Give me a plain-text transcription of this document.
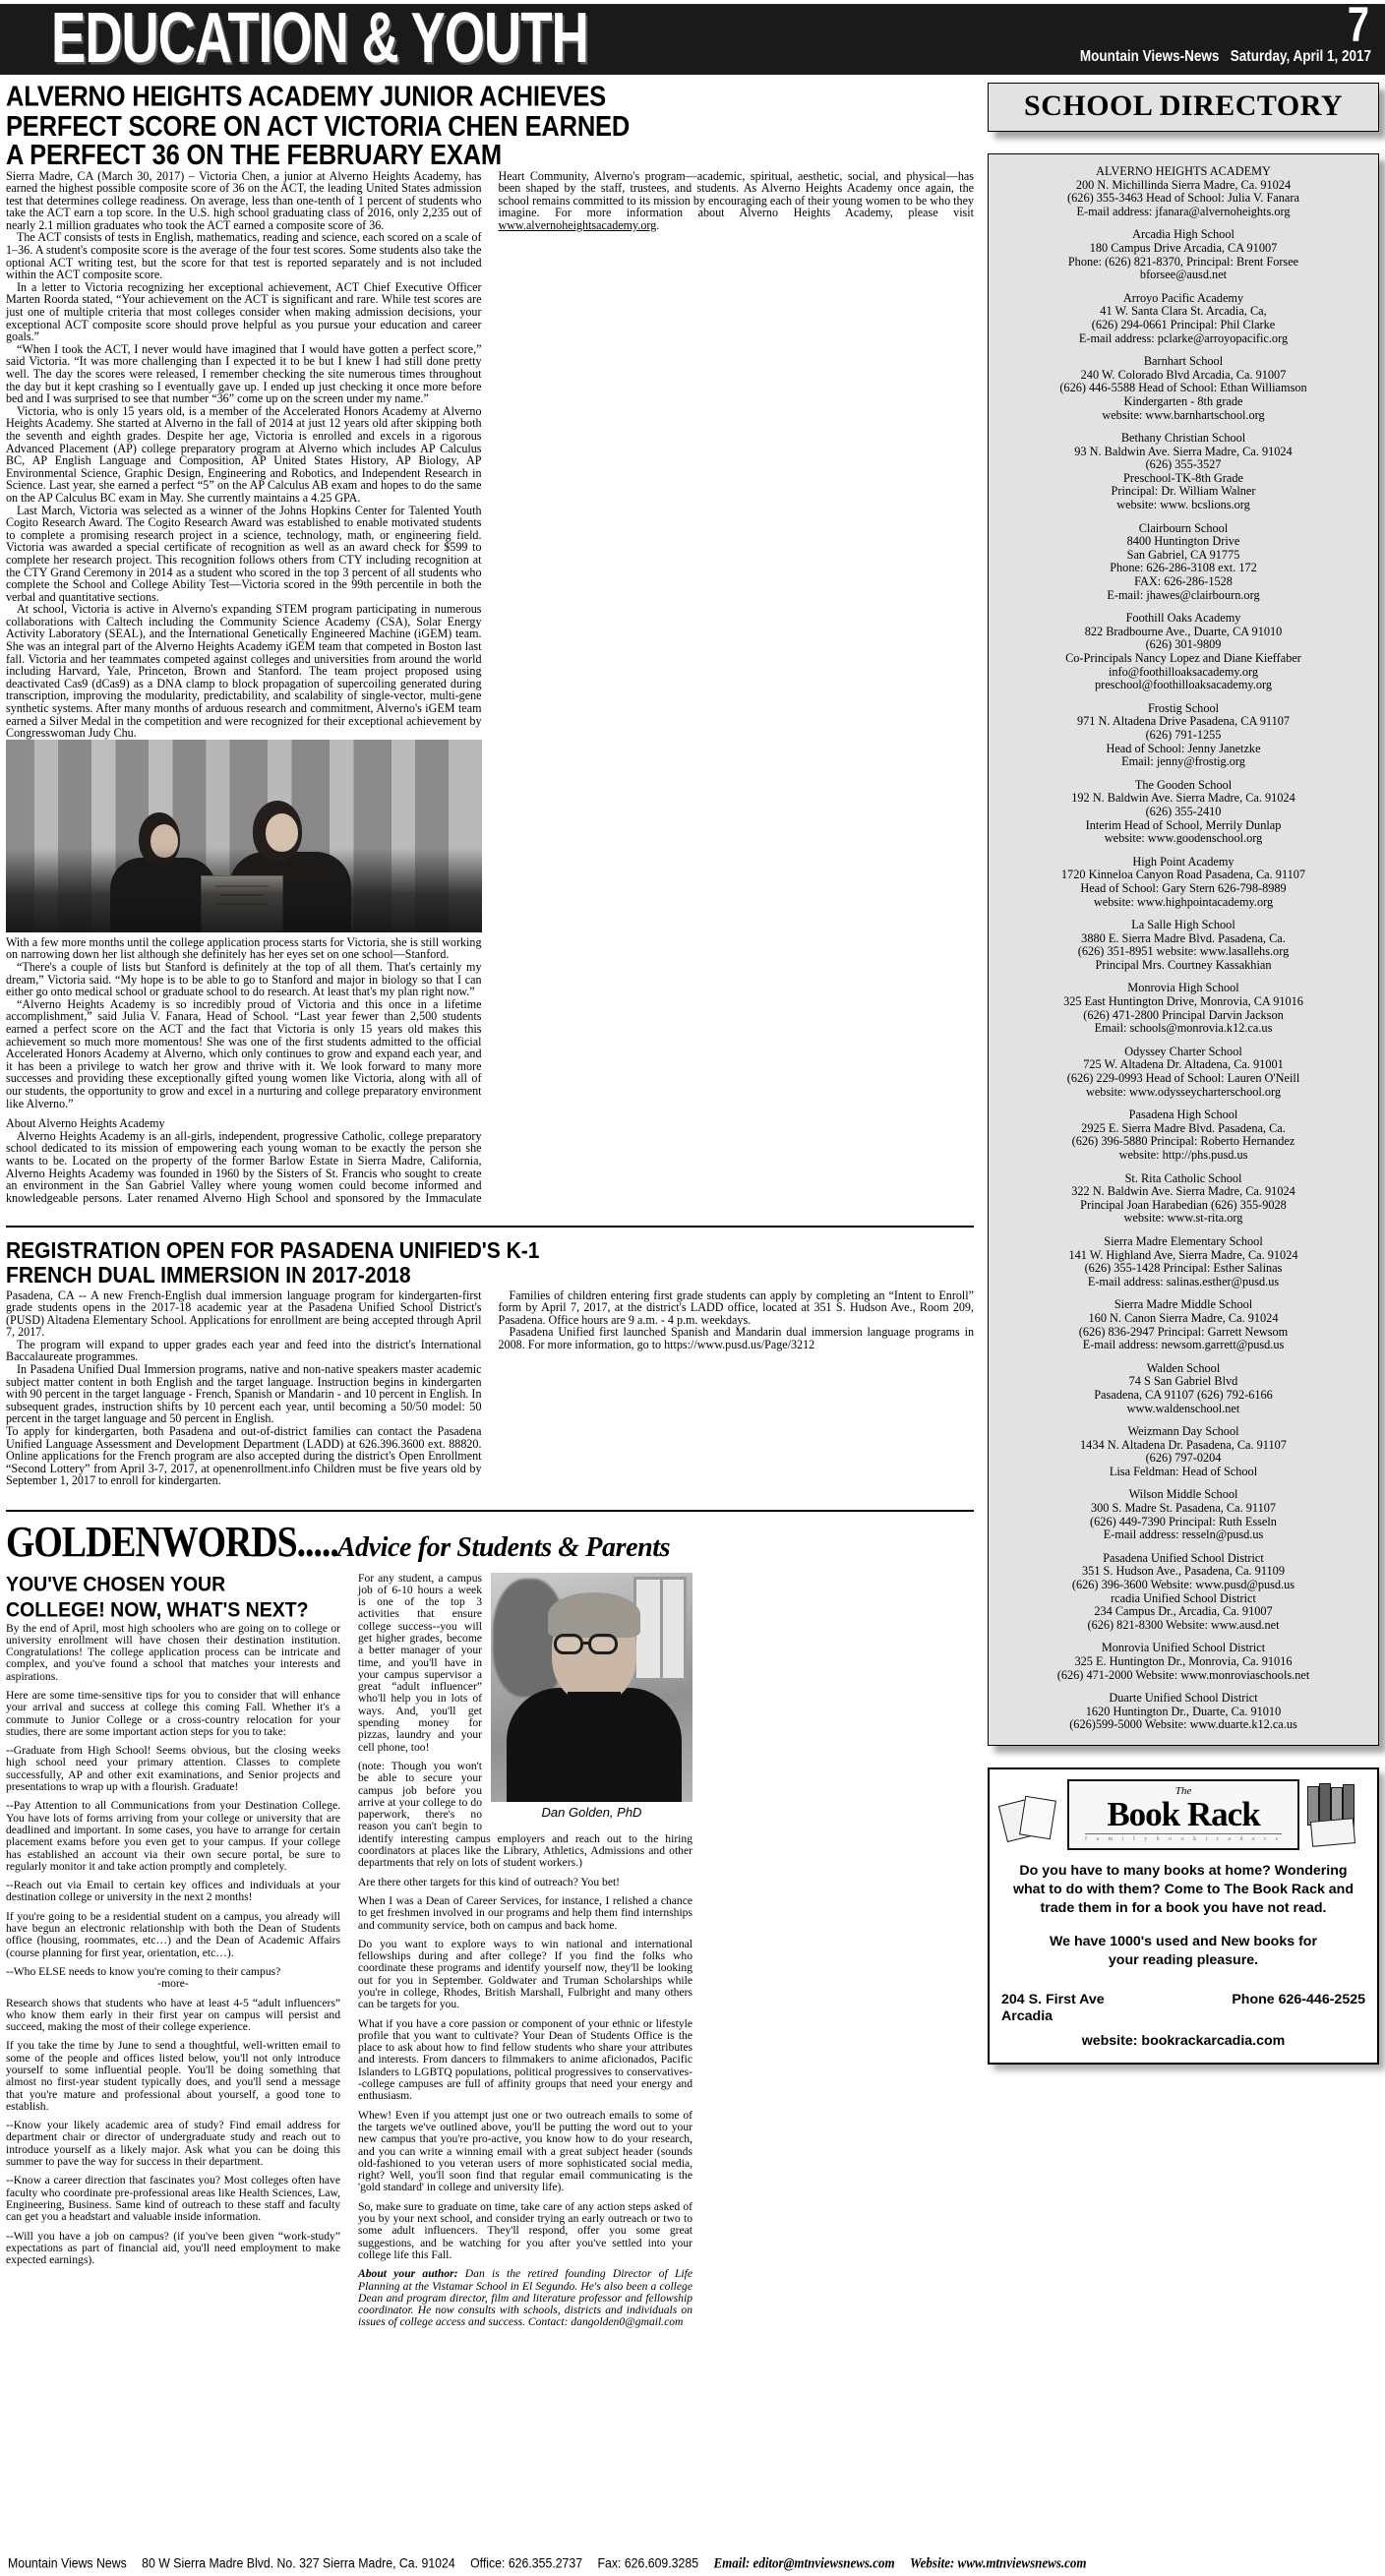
EDUCATION & YOUTH	7
Mountain Views-News Saturday, April 1, 2017
ALVERNO HEIGHTS ACADEMY JUNIOR ACHIEVES
PERFECT SCORE ON ACT VICTORIA CHEN EARNED
A PERFECT 36 ON THE FEBRUARY EXAM

Sierra Madre, CA (March 30, 2017) – Victoria Chen, a junior at Alverno Heights Academy, has earned the highest possible composite score of 36 on the ACT, the leading United States admission test that determines college readiness. On average, less than one-tenth of 1 percent of students who take the ACT earn a top score. In the U.S. high school graduating class of 2016, only 2,235 out of nearly 2.1 million graduates who took the ACT earned a composite score of 36.

The ACT consists of tests in English, mathematics, reading and science, each scored on a scale of 1–36. A student's composite score is the average of the four test scores. Some students also take the optional ACT writing test, but the score for that test is reported separately and is not included within the ACT composite score.

In a letter to Victoria recognizing her exceptional achievement, ACT Chief Executive Officer Marten Roorda stated, “Your achievement on the ACT is significant and rare. While test scores are just one of multiple criteria that most colleges consider when making admission decisions, your exceptional ACT composite score should prove helpful as you pursue your education and career goals.”

“When I took the ACT, I never would have imagined that I would have gotten a perfect score,” said Victoria. “It was more challenging than I expected it to be but I knew I had still done pretty well. The day the scores were released, I remember checking the site numerous times throughout the day but it kept crashing so I eventually gave up. I ended up just checking it once more before bed and I was surprised to see that number “36” come up on the screen under my name.”

Victoria, who is only 15 years old, is a member of the Accelerated Honors Academy at Alverno Heights Academy. She started at Alverno in the fall of 2014 at just 12 years old after skipping both the seventh and eighth grades. Despite her age, Victoria is enrolled and excels in a rigorous Advanced Placement (AP) college preparatory program at Alverno which includes AP Calculus BC, AP English Language and Composition, AP United States History, AP Biology, AP Environmental Science, Graphic Design, Engineering and Robotics, and Independent Research in Science. Last year, she earned a perfect “5” on the AP Calculus AB exam and hopes to do the same on the AP Calculus BC exam in May. She currently maintains a 4.25 GPA.

Last March, Victoria was selected as a winner of the Johns Hopkins Center for Talented Youth Cogito Research Award. The Cogito Research Award was established to enable motivated students to complete a promising research project in a science, technology, math, or engineering field. Victoria was awarded a special certificate of recognition as well as an award check for $599 to complete her research project. This recognition follows others from CTY including recognition at the CTY Grand Ceremony in 2014 as a student who scored in the top 3 percent of all students who complete the School and College Ability Test—Victoria scored in the 99th percentile in both the verbal and quantitative sections.

At school, Victoria is active in Alverno's expanding STEM program participating in numerous collaborations with Caltech including the Community Science Academy (CSA), Solar Energy Activity Laboratory (SEAL), and the International Genetically Engineered Machine (iGEM) team. She was an integral part of the Alverno Heights Academy iGEM team that competed in Boston last fall. Victoria and her teammates competed against colleges and universities from around the world including Harvard, Yale, Princeton, Brown and Stanford. The team project proposed using deactivated Cas9 (dCas9) as a DNA clamp to block propagation of supercoiling generated during transcription, improving the modularity, predictability, and scalability of single-vector, multi-gene synthetic systems. After many months of arduous research and commitment, Alverno's iGEM team earned a Silver Medal in the competition and were recognized for their exceptional achievement by Congresswoman Judy Chu.

With a few more months until the college application process starts for Victoria, she is still working on narrowing down her list although she definitely has her eyes set on one school—Stanford.

“There's a couple of lists but Stanford is definitely at the top of all them. That's certainly my dream,” Victoria said. “My hope is to be able to go to Stanford and major in biology so that I can either go onto medical school or graduate school to do research. At least that's my plan right now.”

“Alverno Heights Academy is so incredibly proud of Victoria and this once in a lifetime accomplishment,” said Julia V. Fanara, Head of School. “Last year fewer than 2,500 students earned a perfect score on the ACT and the fact that Victoria is only 15 years old makes this achievement so much more momentous! She was one of the first students admitted to the official Accelerated Honors Academy at Alverno, which only continues to grow and expand each year, and it has been a privilege to watch her grow and thrive with it. We look forward to many more successes and providing these exceptionally gifted young women like Victoria, along with all of our students, the opportunity to grow and excel in a nurturing and college preparatory environment like Alverno.”

About Alverno Heights Academy

Alverno Heights Academy is an all-girls, independent, progressive Catholic, college preparatory school dedicated to its mission of empowering each young woman to be exactly the person she wants to be. Located on the property of the former Barlow Estate in Sierra Madre, California, Alverno Heights Academy was founded in 1960 by the Sisters of St. Francis who sought to create an environment in the San Gabriel Valley where young women could become informed and knowledgeable persons. Later renamed Alverno High School and sponsored by the Immaculate Heart Community, Alverno's program—academic, spiritual, aesthetic, social, and physical—has been shaped by the staff, trustees, and students. As Alverno Heights Academy once again, the school remains committed to its mission by encouraging each of their young women to be who they imagine. For more information about Alverno Heights Academy, please visit www.alvernoheightsacademy.org.

REGISTRATION OPEN FOR PASADENA UNIFIED'S K-1
FRENCH DUAL IMMERSION IN 2017-2018

Pasadena, CA -- A new French-English dual immersion language program for kindergarten-first grade students opens in the 2017-18 academic year at the Pasadena Unified School District's (PUSD) Altadena Elementary School. Applications for enrollment are being accepted through April 7, 2017.

The program will expand to upper grades each year and feed into the district's International Baccalaureate programmes.

In Pasadena Unified Dual Immersion programs, native and non-native speakers master academic subject matter content in both English and the target language. Instruction begins in kindergarten with 90 percent in the target language - French, Spanish or Mandarin - and 10 percent in English. In subsequent grades, instruction shifts by 10 percent each year, until becoming a 50/50 model: 50 percent in the target language and 50 percent in English.

To apply for kindergarten, both Pasadena and out-of-district families can contact the Pasadena Unified Language Assessment and Development Department (LADD) at 626.396.3600 ext. 88820. Online applications for the French program are also accepted during the district's Open Enrollment “Second Lottery” from April 3-7, 2017, at openenrollment.info Children must be five years old by September 1, 2017 to enroll for kindergarten.

Families of children entering first grade students can apply by completing an “Intent to Enroll” form by April 7, 2017, at the district's LADD office, located at 351 S. Hudson Ave., Room 209, Pasadena. Office hours are 9 a.m. - 4 p.m. weekdays.

Pasadena Unified first launched Spanish and Mandarin dual immersion language programs in 2008. For more information, go to https://www.pusd.us/Page/3212

GOLDENWORDS.....
Advice for Students & Parents
YOU'VE CHOSEN YOUR
COLLEGE! NOW, WHAT'S NEXT?

By the end of April, most high schoolers who are going on to college or university enrollment will have chosen their destination institution. Congratulations! The college application process can be intricate and complex, and you've found a school that matches your interests and aspirations.

Here are some time-sensitive tips for you to consider that will enhance your arrival and success at college this coming Fall. Whether it's a commute to Junior College or a cross-country relocation for your studies, there are some important action steps for you to take:

--Graduate from High School! Seems obvious, but the closing weeks high school need your primary attention. Classes to complete successfully, AP and other exit examinations, and Senior projects and presentations to wrap up with a flourish. Graduate!

--Pay Attention to all Communications from your Destination College. You have lots of forms arriving from your college or university that are deadlined and important. In some cases, you have to arrange for certain placement exams before you even get to your campus. If your college has established an account via their own secure portal, be sure to regularly monitor it and take action promptly and completely.

--Reach out via Email to certain key offices and individuals at your destination college or university in the next 2 months!

If you're going to be a residential student on a campus, you already will have begun an electronic relationship with both the Dean of Students office (housing, roommates, etc…) and the Dean of Academic Affairs (course planning for first year, orientation, etc…).

--Who ELSE needs to know you're coming to their campus?

-more-

Research shows that students who have at least 4-5 “adult influencers” who know them early in their first year on campus will persist and succeed, making the most of their college experience.

If you take the time by June to send a thoughtful, well-written email to some of the people and offices listed below, you'll not only introduce yourself to some influential people. You'll be doing something that almost no first-year student typically does, and you'll send a message that you're mature and professional about yourself, a good tone to establish.

--Know your likely academic area of study? Find email address for department chair or director of undergraduate study and reach out to introduce yourself as a likely major. Ask what you can be doing this summer to pave the way for success in their department.

--Know a career direction that fascinates you? Most colleges often have faculty who coordinate pre-professional areas like Health Sciences, Law, Engineering, Business. Same kind of outreach to these staff and faculty can get you a headstart and valuable inside information.

--Will you have a job on campus? (if you've been given “work-study” expectations as part of financial aid, you'll need employment to make expected earnings).

Dan Golden, PhD

For any student, a campus job of 6-10 hours a week is one of the top 3 activities that ensure college success--you will get higher grades, become a better manager of your time, and you'll have in your campus supervisor a great “adult influencer” who'll help you in lots of ways. And, you'll get spending money for pizzas, laundry and your cell phone, too!

(note: Though you won't be able to secure your campus job before you arrive at your college to do paperwork, there's no reason you can't begin to identify interesting campus employers and reach out to the hiring coordinators at places like the Library, Athletics, Admissions and other departments that rely on lots of student workers.)

Are there other targets for this kind of outreach? You bet!

When I was a Dean of Career Services, for instance, I relished a chance to get freshmen involved in our programs and help them find internships and community service, both on campus and back home.

Do you want to explore ways to win national and international fellowships during and after college? If you find the folks who coordinate these programs and identify yourself now, they'll be looking out for you in September. Goldwater and Truman Scholarships while you're in college, Rhodes, British Marshall, Fulbright and many others can be targets for you.

What if you have a core passion or component of your ethnic or lifestyle profile that you want to cultivate? Your Dean of Students Office is the place to ask about how to find fellow students who share your attributes and interests. From dancers to filmmakers to anime aficionados, Pacific Islanders to LGBTQ populations, political progressives to conservatives--college campuses are full of affinity groups that need your energy and enthusiasm.

Whew! Even if you attempt just one or two outreach emails to some of the targets we've outlined above, you'll be putting the word out to your new campus that you're pro-active, you know how to do your research, and you can write a winning email with a great subject header (sounds old-fashioned to you veteran users of more sophisticated social media, right? Well, you'll soon find that regular email communicating is the 'gold standard' in college and university life).

So, make sure to graduate on time, take care of any action steps asked of you by your next school, and consider trying an early outreach or two to some adult influencers. They'll respond, offer you some great suggestions, and be watching for you after you've settled into your college life this Fall.

About your author: Dan is the retired founding Director of Life Planning at the Vistamar School in El Segundo. He's also been a college Dean and program director, film and literature professor and fellowship coordinator. He now consults with schools, districts and individuals on issues of college access and success. Contact: dangolden0@gmail.com

SCHOOL DIRECTORY
ALVERNO HEIGHTS ACADEMY
200 N. Michillinda Sierra Madre, Ca. 91024
(626) 355-3463 Head of School: Julia V. Fanara
E-mail address: jfanara@alvernoheights.org
Arcadia High School
180 Campus Drive Arcadia, CA 91007
Phone: (626) 821-8370, Principal: Brent Forsee
bforsee@ausd.net
Arroyo Pacific Academy
41 W. Santa Clara St. Arcadia, Ca,
(626) 294-0661 Principal: Phil Clarke
E-mail address: pclarke@arroyopacific.org
Barnhart School
240 W. Colorado Blvd Arcadia, Ca. 91007
(626) 446-5588 Head of School: Ethan Williamson
Kindergarten - 8th grade
website: www.barnhartschool.org
Bethany Christian School
93 N. Baldwin Ave. Sierra Madre, Ca. 91024
(626) 355-3527
Preschool-TK-8th Grade
Principal: Dr. William Walner
website: www. bcslions.org
Clairbourn School
8400 Huntington Drive
San Gabriel, CA 91775
Phone: 626-286-3108 ext. 172
FAX: 626-286-1528
E-mail: jhawes@clairbourn.org
Foothill Oaks Academy
822 Bradbourne Ave., Duarte, CA 91010
(626) 301-9809
Co-Principals Nancy Lopez and Diane Kieffaber
info@foothilloaksacademy.org
preschool@foothilloaksacademy.org
Frostig School
971 N. Altadena Drive Pasadena, CA 91107
(626) 791-1255
Head of School: Jenny Janetzke
Email: jenny@frostig.org
The Gooden School
192 N. Baldwin Ave. Sierra Madre, Ca. 91024
(626) 355-2410
Interim Head of School, Merrily Dunlap
website: www.goodenschool.org
High Point Academy
1720 Kinneloa Canyon Road Pasadena, Ca. 91107
Head of School: Gary Stern 626-798-8989
website: www.highpointacademy.org
La Salle High School
3880 E. Sierra Madre Blvd. Pasadena, Ca.
(626) 351-8951 website: www.lasallehs.org
Principal Mrs. Courtney Kassakhian
Monrovia High School
325 East Huntington Drive, Monrovia, CA 91016
(626) 471-2800 Principal Darvin Jackson
Email: schools@monrovia.k12.ca.us
Odyssey Charter School
725 W. Altadena Dr. Altadena, Ca. 91001
(626) 229-0993 Head of School: Lauren O'Neill
website: www.odysseycharterschool.org
Pasadena High School
2925 E. Sierra Madre Blvd. Pasadena, Ca.
(626) 396-5880 Principal: Roberto Hernandez
website: http://phs.pusd.us
St. Rita Catholic School
322 N. Baldwin Ave. Sierra Madre, Ca. 91024
Principal Joan Harabedian (626) 355-9028
website: www.st-rita.org
Sierra Madre Elementary School
141 W. Highland Ave, Sierra Madre, Ca. 91024
(626) 355-1428 Principal: Esther Salinas
E-mail address: salinas.esther@pusd.us
Sierra Madre Middle School
160 N. Canon Sierra Madre, Ca. 91024
(626) 836-2947 Principal: Garrett Newsom
E-mail address: newsom.garrett@pusd.us
Walden School
74 S San Gabriel Blvd
Pasadena, CA 91107 (626) 792-6166
www.waldenschool.net
Weizmann Day School
1434 N. Altadena Dr. Pasadena, Ca. 91107
(626) 797-0204
Lisa Feldman: Head of School
Wilson Middle School
300 S. Madre St. Pasadena, Ca. 91107
(626) 449-7390 Principal: Ruth Esseln
E-mail address: resseln@pusd.us
Pasadena Unified School District
351 S. Hudson Ave., Pasadena, Ca. 91109
(626) 396-3600 Website: www.pusd@pusd.us
rcadia Unified School District
234 Campus Dr., Arcadia, Ca. 91007
(626) 821-8300 Website: www.ausd.net
Monrovia Unified School District
325 E. Huntington Dr., Monrovia, Ca. 91016
(626) 471-2000 Website: www.monroviaschools.net
Duarte Unified School District
1620 Huntington Dr., Duarte, Ca. 91010
(626)599-5000 Website: www.duarte.k12.ca.us
The
Book Rack
f a m i l y b o o k t r a d e r s
Do you have to many books at home? Wondering
what to do with them? Come to The Book Rack and
trade them in for a book you have not read.
We have 1000's used and New books for
your reading pleasure.
204 S. First Ave
Arcadia
Phone 626-446-2525
website: bookrackarcadia.com
Mountain Views News 80 W Sierra Madre Blvd. No. 327 Sierra Madre, Ca. 91024 Office: 626.355.2737 Fax: 626.609.3285 Email: editor@mtnviewsnews.com Website: www.mtnviewsnews.com
